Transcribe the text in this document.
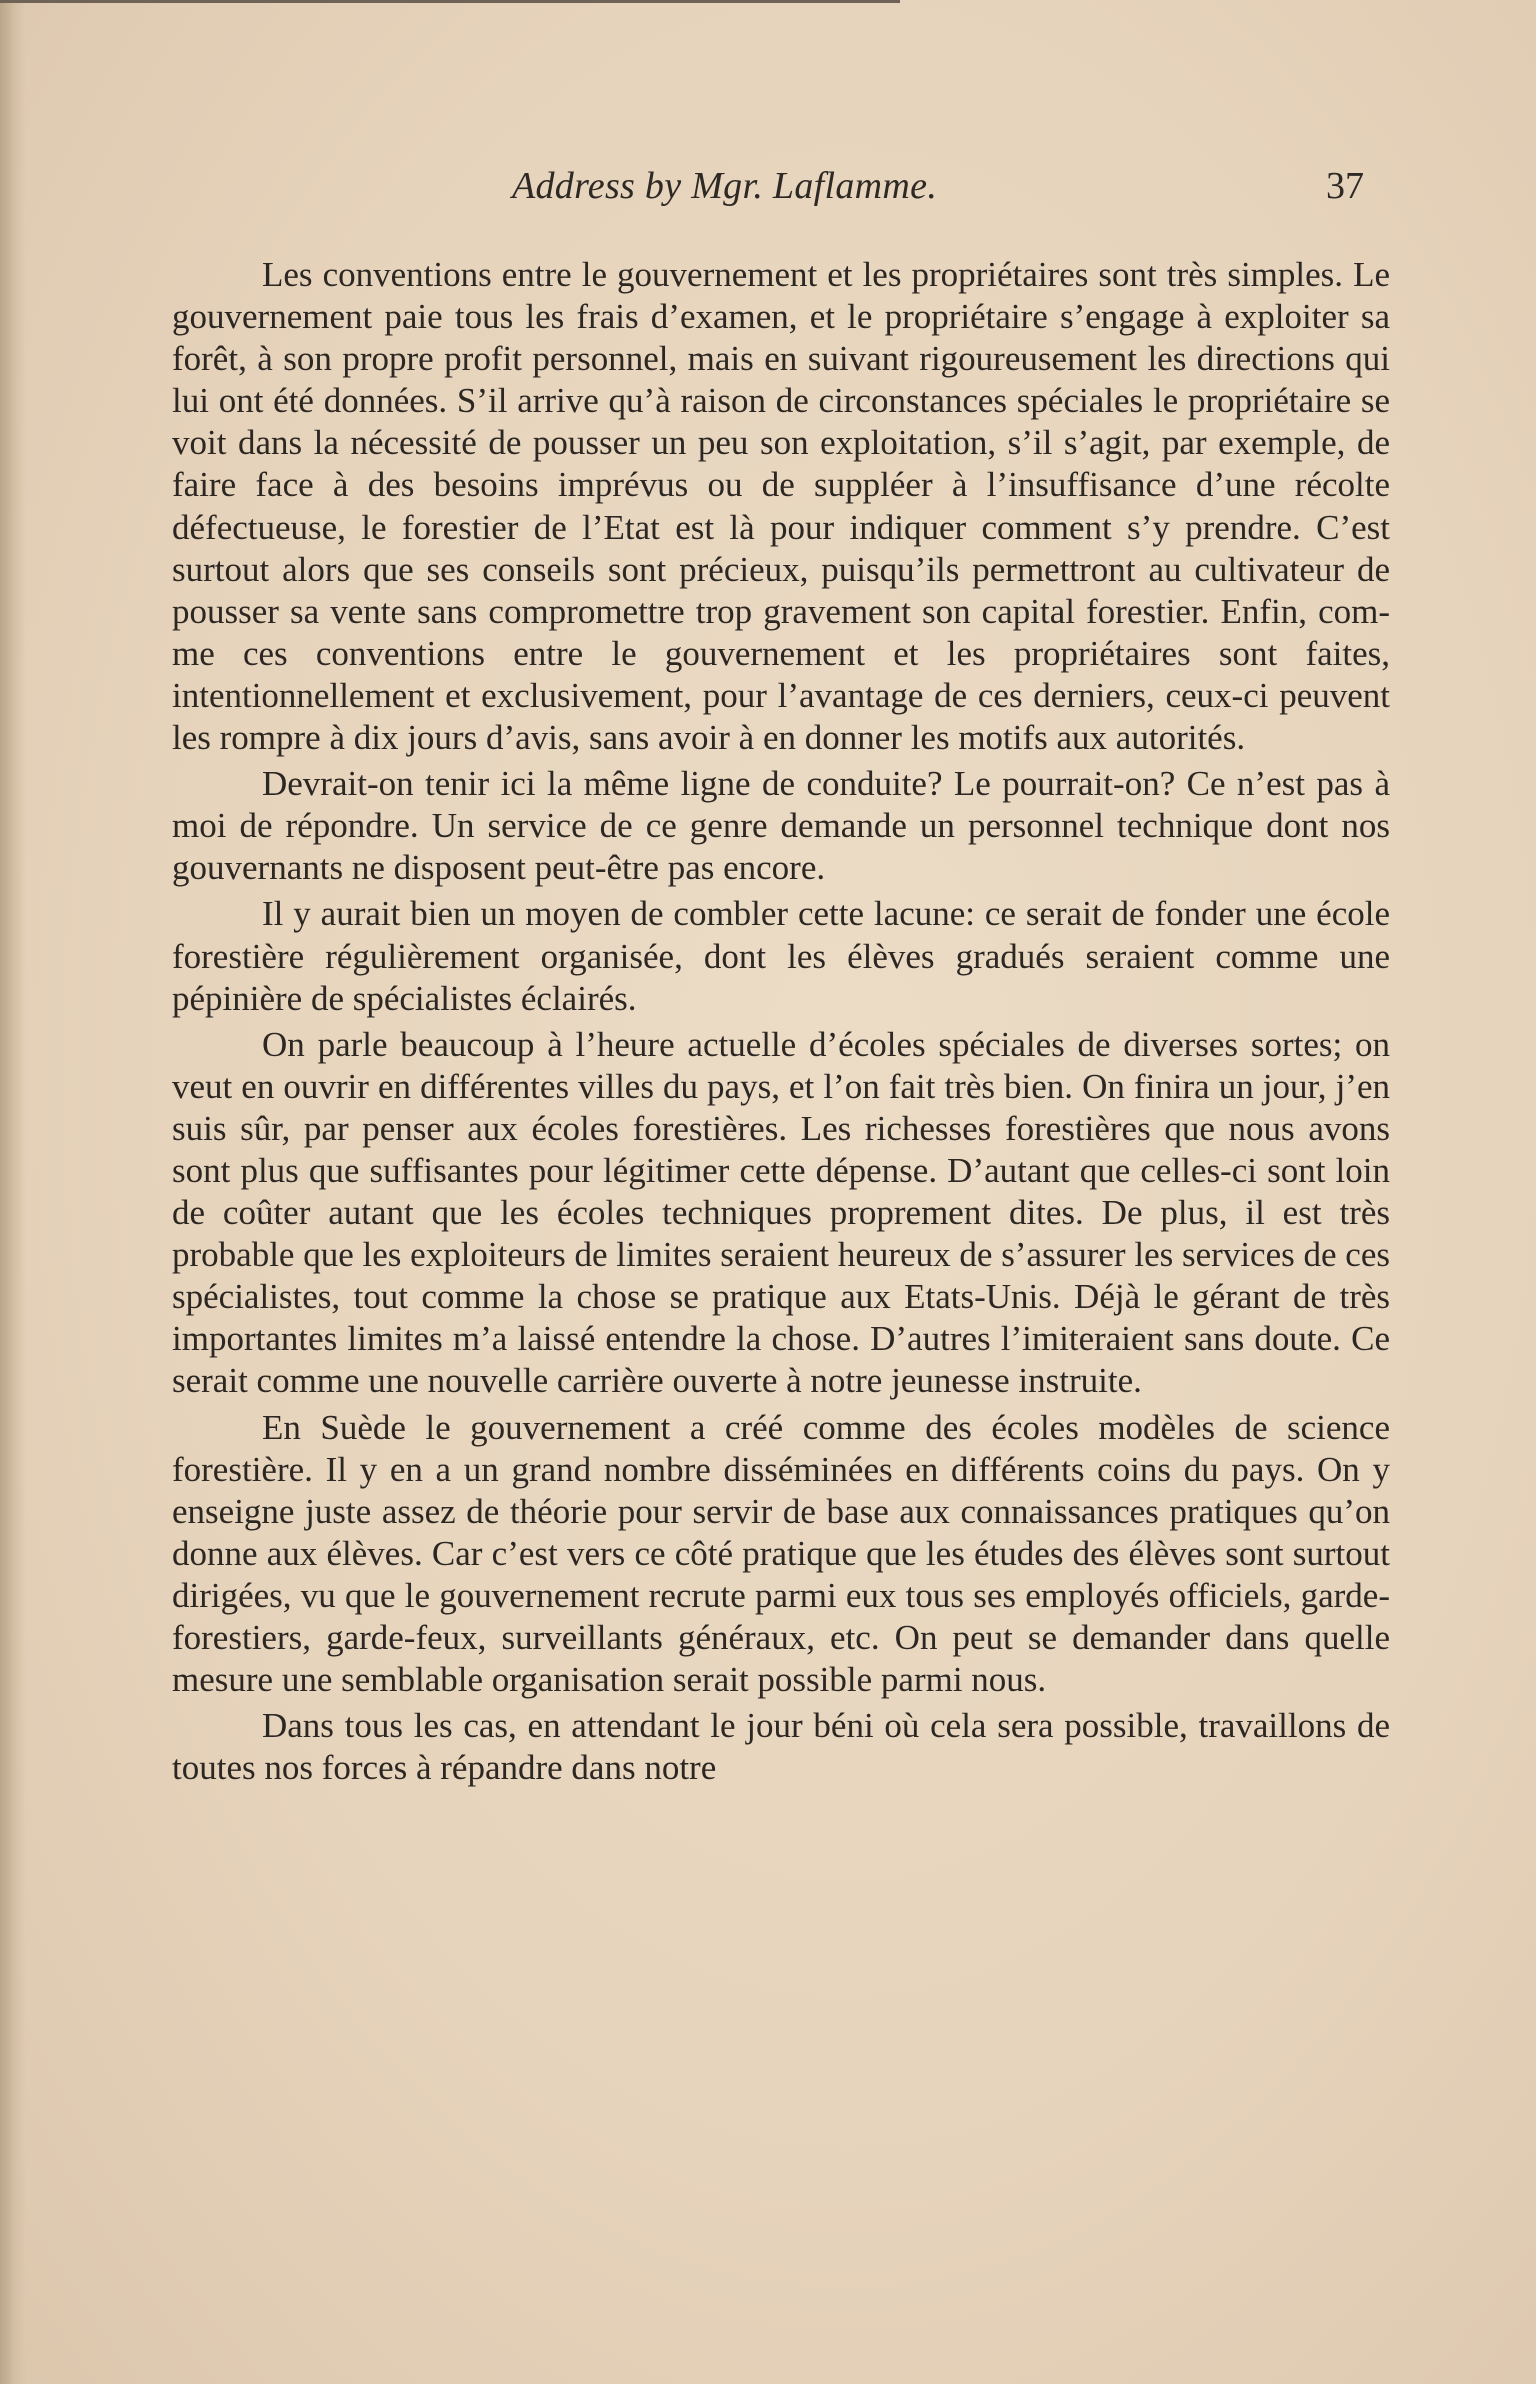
Address by Mgr. Laflamme.	37

Les conventions entre le gouvernement et les propriétaires sont très simples. Le gouvernement paie tous les frais d’examen, et le propriétaire s’engage à exploiter sa forêt, à son propre profit personnel, mais en suivant rigoureusement les directions qui lui ont été données. S’il arrive qu’à raison de circonstances spéciales le propriétaire se voit dans la nécessité de pousser un peu son exploitation, s’il s’agit, par exemple, de faire face à des besoins imprévus ou de suppléer à l’insuffisance d’une récolte défectueuse, le forestier de l’Etat est là pour indiquer comment s’y prendre. C’est surtout alors que ses conseils sont précieux, puisqu’ils permettront au cultivateur de pousser sa vente sans compromettre trop gravement son capital forestier. Enfin, comme ces conventions entre le gouvernement et les propriétaires sont faites, intentionnellement et exclusivement, pour l’avantage de ces derniers, ceux-ci peuvent les rompre à dix jours d’avis, sans avoir à en donner les motifs aux autorités.

Devrait-on tenir ici la même ligne de conduite? Le pourrait-on? Ce n’est pas à moi de répondre. Un service de ce genre demande un personnel technique dont nos gouvernants ne disposent peut-être pas encore.

Il y aurait bien un moyen de combler cette lacune: ce serait de fonder une école forestière régulièrement organisée, dont les élèves gradués seraient comme une pépinière de spécialistes éclairés.

On parle beaucoup à l’heure actuelle d’écoles spéciales de diverses sortes; on veut en ouvrir en différentes villes du pays, et l’on fait très bien. On finira un jour, j’en suis sûr, par penser aux écoles forestières. Les richesses forestières que nous avons sont plus que suffisantes pour légitimer cette dépense. D’autant que celles-ci sont loin de coûter autant que les écoles techniques proprement dites. De plus, il est très probable que les exploiteurs de limites seraient heureux de s’assurer les services de ces spécialistes, tout comme la chose se pratique aux Etats-Unis. Déjà le gérant de très importantes limites m’a laissé entendre la chose. D’autres l’imiteraient sans doute. Ce serait comme une nouvelle carrière ouverte à notre jeunesse instruite.

En Suède le gouvernement a créé comme des écoles modèles de science forestière. Il y en a un grand nombre disséminées en différents coins du pays. On y enseigne juste assez de théorie pour servir de base aux connaissances pratiques qu’on donne aux élèves. Car c’est vers ce côté pratique que les études des élèves sont surtout dirigées, vu que le gouvernement recrute parmi eux tous ses employés officiels, garde-forestiers, garde-feux, surveillants généraux, etc. On peut se demander dans quelle mesure une semblable organisation serait possible parmi nous.

Dans tous les cas, en attendant le jour béni où cela sera possible, travaillons de toutes nos forces à répandre dans notre
